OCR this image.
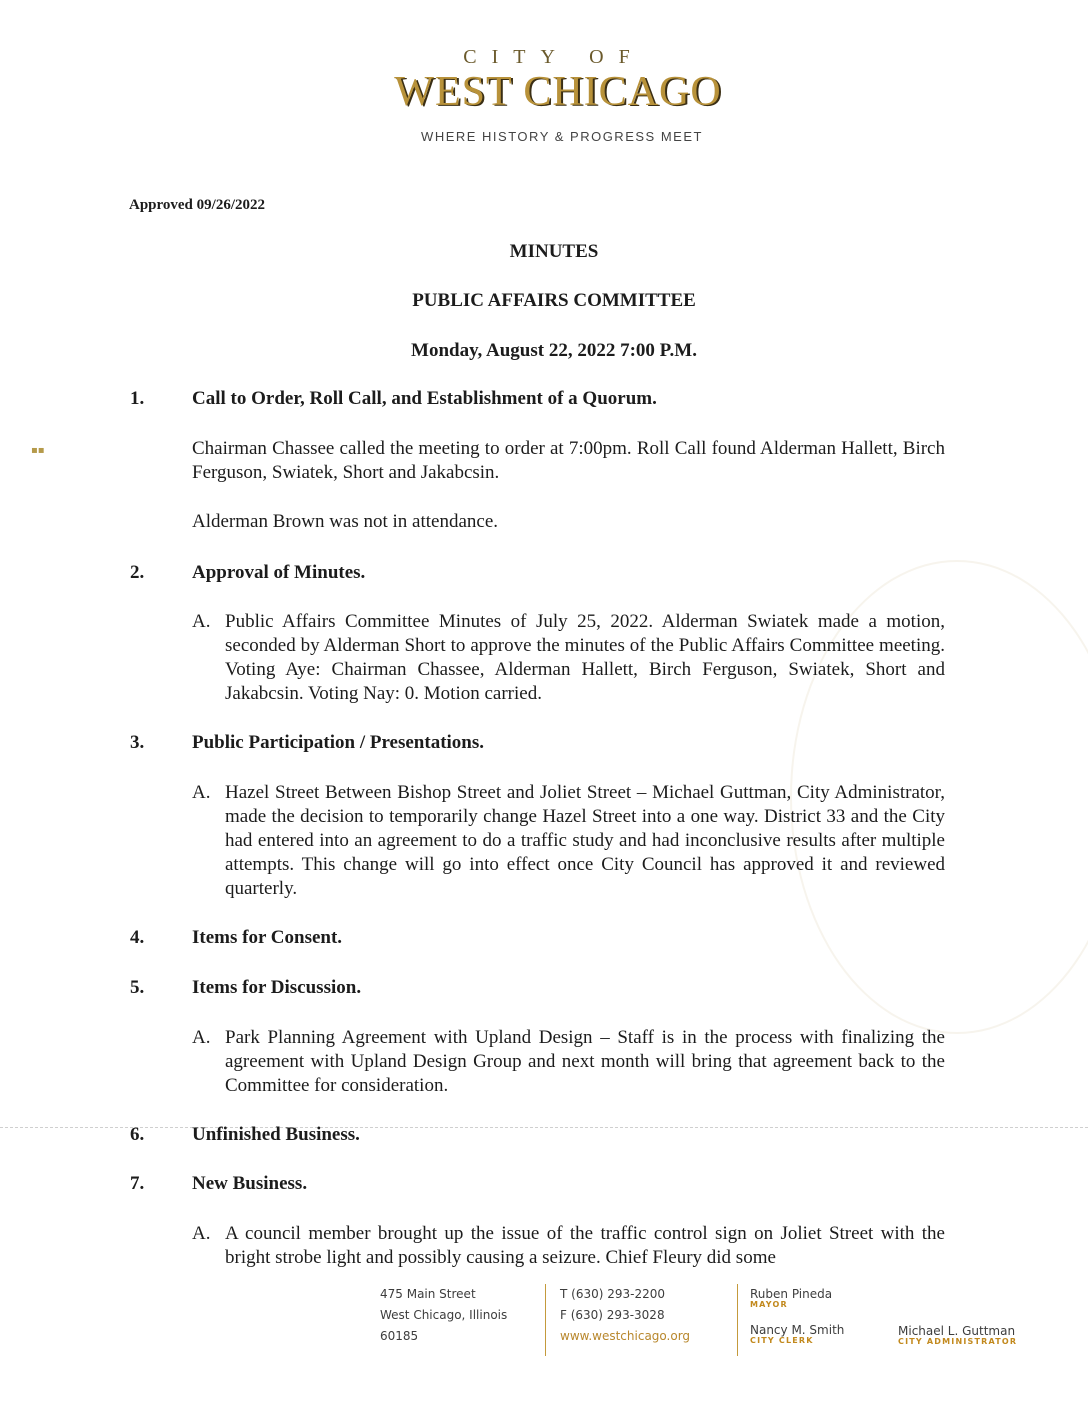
▪▪
CITY OF
WEST CHICAGO
WHERE HISTORY & PROGRESS MEET
Approved 09/26/2022
MINUTES
PUBLIC AFFAIRS COMMITTEE
Monday, August 22, 2022 7:00 P.M.
1.	Call to Order, Roll Call, and Establishment of a Quorum.
Chairman Chassee called the meeting to order at 7:00pm. Roll Call found Alderman Hallett, Birch Ferguson, Swiatek, Short and Jakabcsin.
Alderman Brown was not in attendance.
2.	Approval of Minutes.
A. Public Affairs Committee Minutes of July 25, 2022. Alderman Swiatek made a motion, seconded by Alderman Short to approve the minutes of the Public Affairs Committee meeting. Voting Aye: Chairman Chassee, Alderman Hallett, Birch Ferguson, Swiatek, Short and Jakabcsin. Voting Nay: 0. Motion carried.
3.	Public Participation / Presentations.
A. Hazel Street Between Bishop Street and Joliet Street – Michael Guttman, City Administrator, made the decision to temporarily change Hazel Street into a one way. District 33 and the City had entered into an agreement to do a traffic study and had inconclusive results after multiple attempts. This change will go into effect once City Council has approved it and reviewed quarterly.
4.	Items for Consent.
5.	Items for Discussion.
A. Park Planning Agreement with Upland Design – Staff is in the process with finalizing the agreement with Upland Design Group and next month will bring that agreement back to the Committee for consideration.
6.	Unfinished Business.
7.	New Business.
A. A council member brought up the issue of the traffic control sign on Joliet Street with the bright strobe light and possibly causing a seizure. Chief Fleury did some
475 Main Street
West Chicago, Illinois
60185
T (630) 293-2200
F (630) 293-3028
www.westchicago.org
Ruben Pineda
MAYOR
Nancy M. Smith
CITY CLERK
Michael L. Guttman
CITY ADMINISTRATOR
